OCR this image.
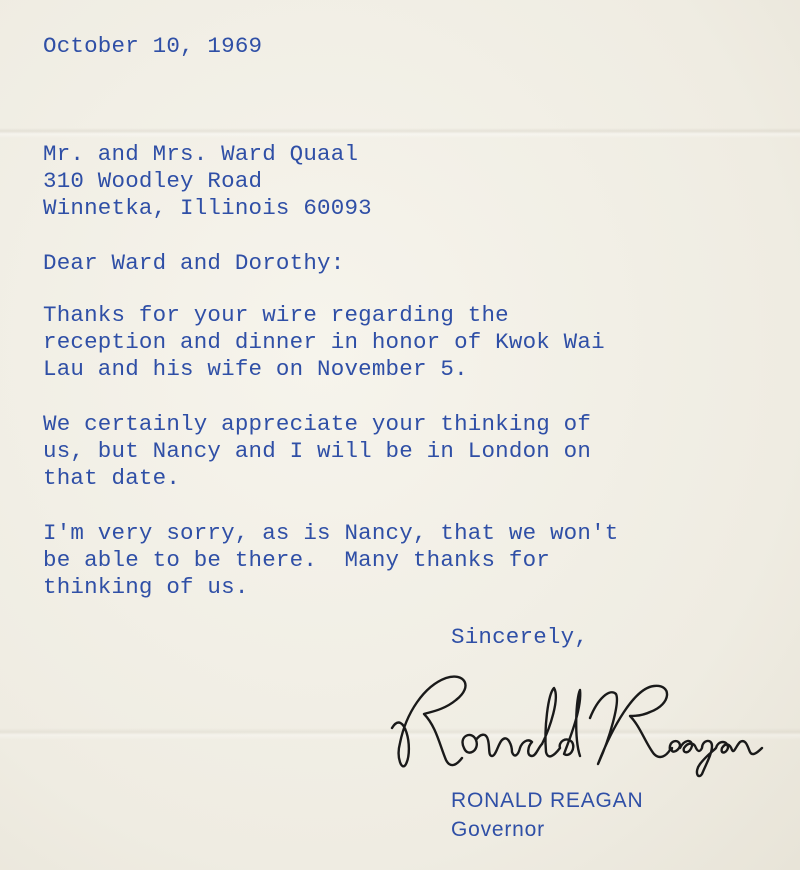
October 10, 1969

Mr. and Mrs. Ward Quaal

310 Woodley Road

Winnetka, Illinois 60093

Dear Ward and Dorothy:

Thanks for your wire regarding the

reception and dinner in honor of Kwok Wai

Lau and his wife on November 5.

We certainly appreciate your thinking of

us, but Nancy and I will be in London on

that date.

I'm very sorry, as is Nancy, that we won't

be able to be there.  Many thanks for

thinking of us.

Sincerely,

RONALD REAGAN

Governor
